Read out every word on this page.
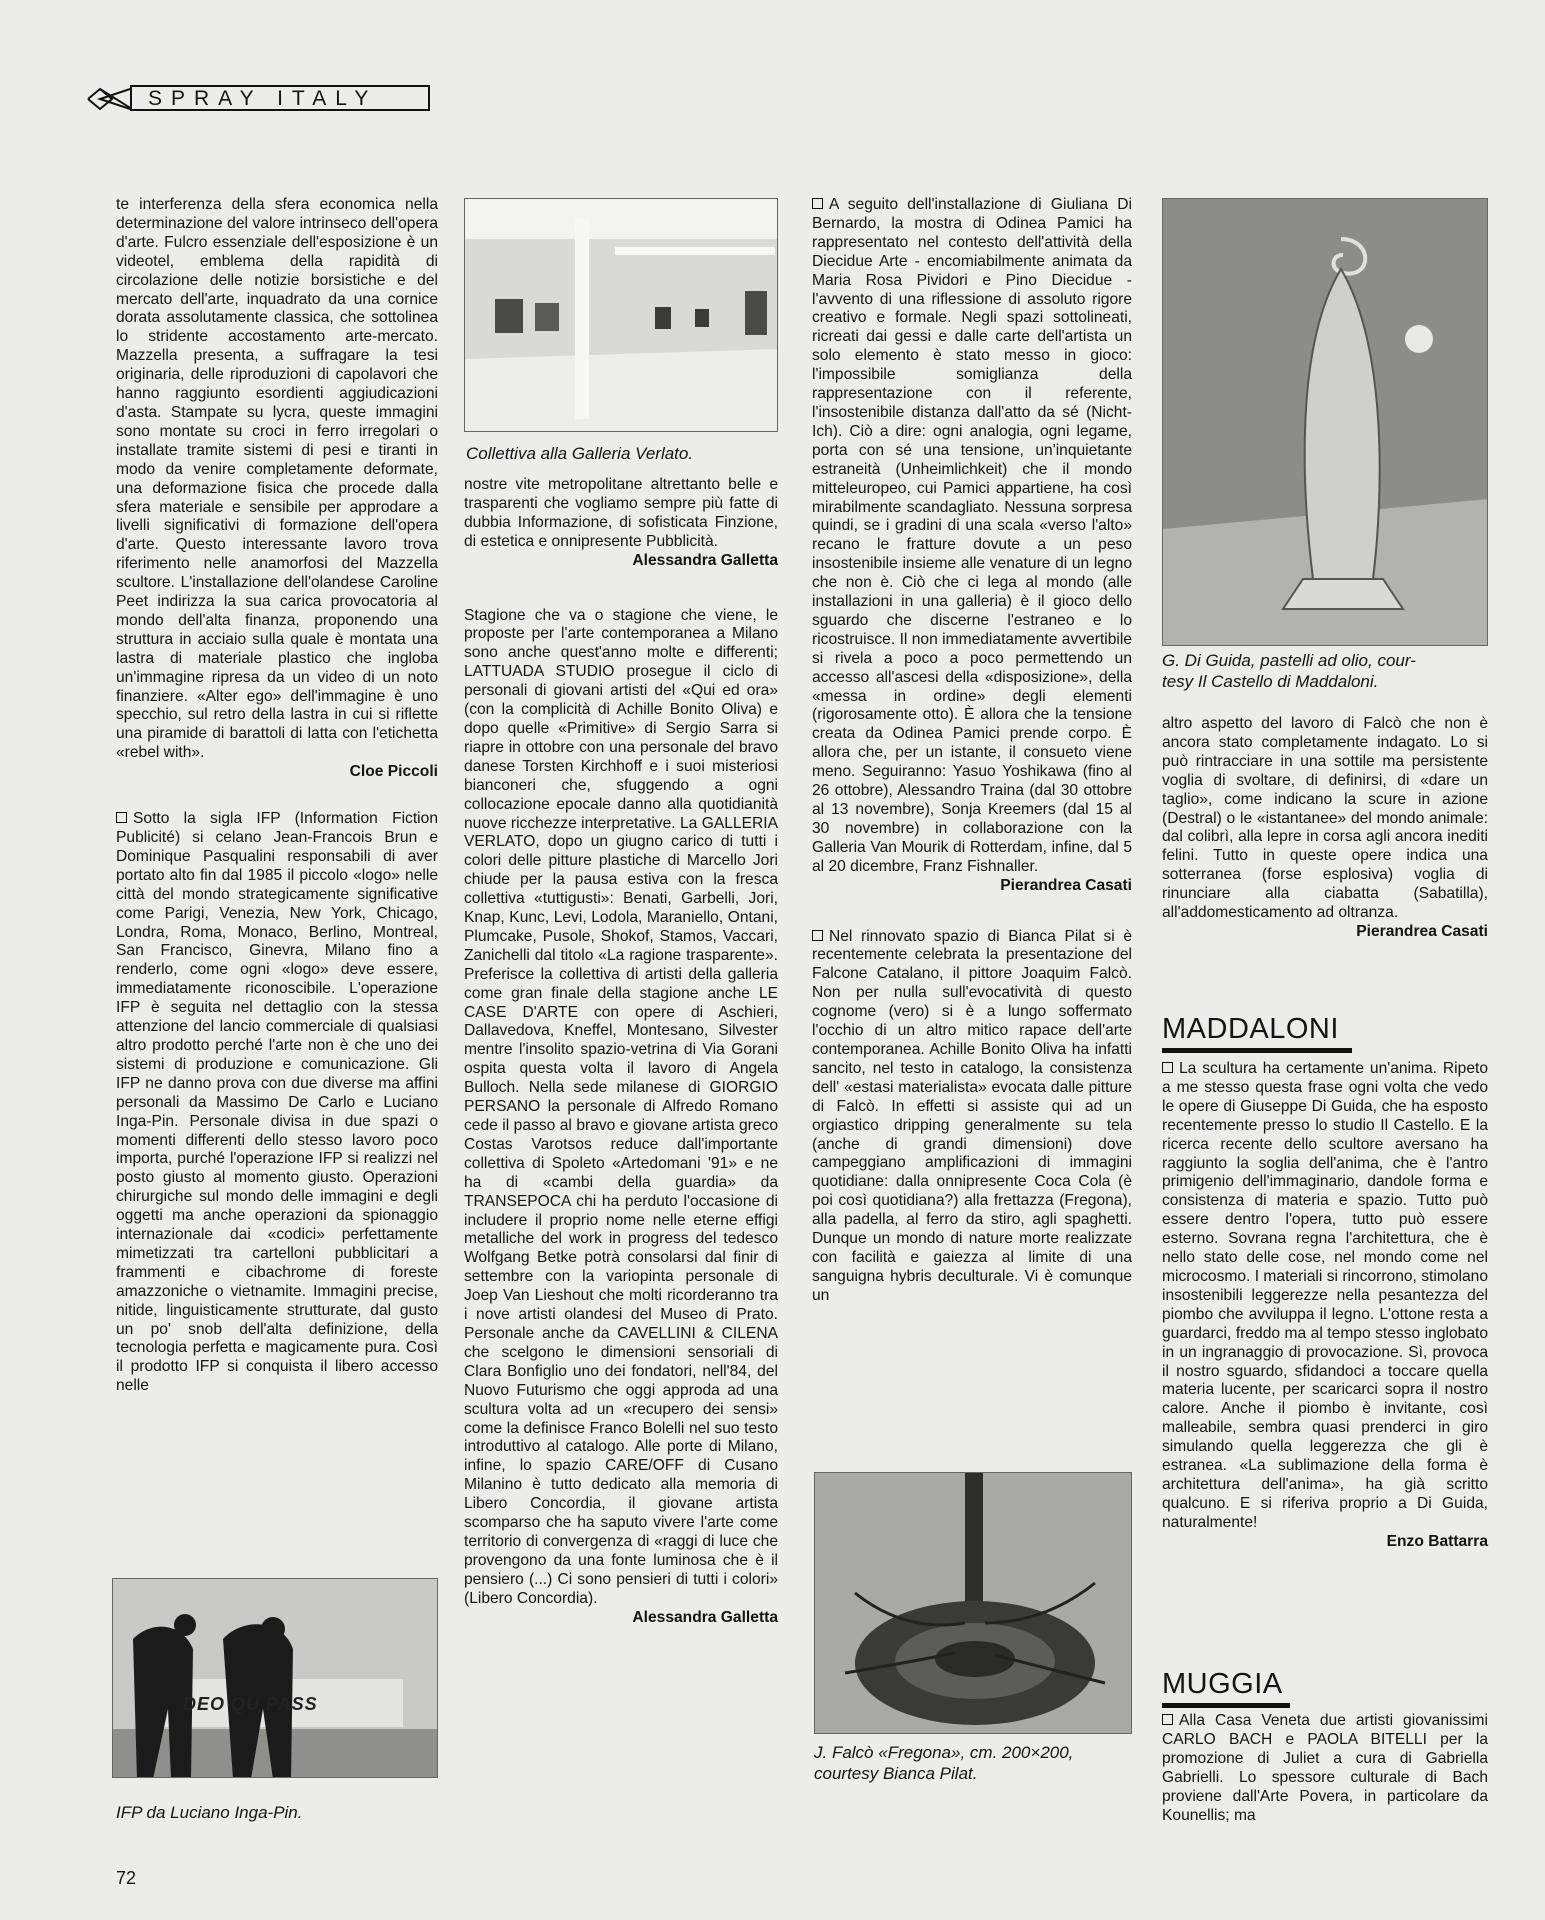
SPRAY ITALY

te interferenza della sfera economica nella determinazione del valore intrinseco dell'opera d'arte. Fulcro essenziale dell'esposizione è un videotel, emblema della rapidità di circolazione delle notizie borsistiche e del mercato dell'arte, inquadrato da una cornice dorata assolutamente classica, che sottolinea lo stridente accostamento arte-mercato. Mazzella presenta, a suffragare la tesi originaria, delle riproduzioni di capolavori che hanno raggiunto esordienti aggiudicazioni d'asta. Stampate su lycra, queste immagini sono montate su croci in ferro irregolari o installate tramite sistemi di pesi e tiranti in modo da venire completamente deformate, una deformazione fisica che procede dalla sfera materiale e sensibile per approdare a livelli significativi di formazione dell'opera d'arte. Questo interessante lavoro trova riferimento nelle anamorfosi del Mazzella scultore. L'installazione dell'olandese Caroline Peet indirizza la sua carica provocatoria al mondo dell'alta finanza, proponendo una struttura in acciaio sulla quale è montata una lastra di materiale plastico che ingloba un'immagine ripresa da un video di un noto finanziere. «Alter ego» dell'immagine è uno specchio, sul retro della lastra in cui si riflette una piramide di barattoli di latta con l'etichetta «rebel with».

Cloe Piccoli

Sotto la sigla IFP (Information Fiction Publicité) si celano Jean-Francois Brun e Dominique Pasqualini responsabili di aver portato alto fin dal 1985 il piccolo «logo» nelle città del mondo strategicamente significative come Parigi, Venezia, New York, Chicago, Londra, Roma, Monaco, Berlino, Montreal, San Francisco, Ginevra, Milano fino a renderlo, come ogni «logo» deve essere, immediatamente riconoscibile. L'operazione IFP è seguita nel dettaglio con la stessa attenzione del lancio commerciale di qualsiasi altro prodotto perché l'arte non è che uno dei sistemi di produzione e comunicazione. Gli IFP ne danno prova con due diverse ma affini personali da Massimo De Carlo e Luciano Inga-Pin. Personale divisa in due spazi o momenti differenti dello stesso lavoro poco importa, purché l'operazione IFP si realizzi nel posto giusto al momento giusto. Operazioni chirurgiche sul mondo delle immagini e degli oggetti ma anche operazioni da spionaggio internazionale dai «codici» perfettamente mimetizzati tra cartelloni pubblicitari a frammenti e cibachrome di foreste amazzoniche o vietnamite. Immagini precise, nitide, linguisticamente strutturate, dal gusto un po' snob dell'alta definizione, della tecnologia perfetta e magicamente pura. Così il prodotto IFP si conquista il libero accesso nelle

DEO QU PASS
IFP da Luciano Inga-Pin.
Collettiva alla Galleria Verlato.

nostre vite metropolitane altrettanto belle e trasparenti che vogliamo sempre più fatte di dubbia Informazione, di sofisticata Finzione, di estetica e onnipresente Pubblicità.

Alessandra Galletta

Stagione che va o stagione che viene, le proposte per l'arte contemporanea a Milano sono anche quest'anno molte e differenti; LATTUADA STUDIO prosegue il ciclo di personali di giovani artisti del «Qui ed ora» (con la complicità di Achille Bonito Oliva) e dopo quelle «Primitive» di Sergio Sarra si riapre in ottobre con una personale del bravo danese Torsten Kirchhoff e i suoi misteriosi bianconeri che, sfuggendo a ogni collocazione epocale danno alla quotidianità nuove ricchezze interpretative. La GALLERIA VERLATO, dopo un giugno carico di tutti i colori delle pitture plastiche di Marcello Jori chiude per la pausa estiva con la fresca collettiva «tuttigusti»: Benati, Garbelli, Jori, Knap, Kunc, Levi, Lodola, Maraniello, Ontani, Plumcake, Pusole, Shokof, Stamos, Vaccari, Zanichelli dal titolo «La ragione trasparente». Preferisce la collettiva di artisti della galleria come gran finale della stagione anche LE CASE D'ARTE con opere di Aschieri, Dallavedova, Kneffel, Montesano, Silvester mentre l'insolito spazio-vetrina di Via Gorani ospita questa volta il lavoro di Angela Bulloch. Nella sede milanese di GIORGIO PERSANO la personale di Alfredo Romano cede il passo al bravo e giovane artista greco Costas Varotsos reduce dall'importante collettiva di Spoleto «Artedomani '91» e ne ha di «cambi della guardia» da TRANSEPOCA chi ha perduto l'occasione di includere il proprio nome nelle eterne effigi metalliche del work in progress del tedesco Wolfgang Betke potrà consolarsi dal finir di settembre con la variopinta personale di Joep Van Lieshout che molti ricorderanno tra i nove artisti olandesi del Museo di Prato. Personale anche da CAVELLINI & CILENA che scelgono le dimensioni sensoriali di Clara Bonfiglio uno dei fondatori, nell'84, del Nuovo Futurismo che oggi approda ad una scultura volta ad un «recupero dei sensi» come la definisce Franco Bolelli nel suo testo introduttivo al catalogo. Alle porte di Milano, infine, lo spazio CARE/OFF di Cusano Milanino è tutto dedicato alla memoria di Libero Concordia, il giovane artista scomparso che ha saputo vivere l'arte come territorio di convergenza di «raggi di luce che provengono da una fonte luminosa che è il pensiero (...) Ci sono pensieri di tutti i colori» (Libero Concordia).

Alessandra Galletta

A seguito dell'installazione di Giuliana Di Bernardo, la mostra di Odinea Pamici ha rappresentato nel contesto dell'attività della Diecidue Arte - encomiabilmente animata da Maria Rosa Pividori e Pino Diecidue - l'avvento di una riflessione di assoluto rigore creativo e formale. Negli spazi sottolineati, ricreati dai gessi e dalle carte dell'artista un solo elemento è stato messo in gioco: l'impossibile somiglianza della rappresentazione con il referente, l'insostenibile distanza dall'atto da sé (Nicht-Ich). Ciò a dire: ogni analogia, ogni legame, porta con sé una tensione, un'inquietante estraneità (Unheimlichkeit) che il mondo mitteleuropeo, cui Pamici appartiene, ha così mirabilmente scandagliato. Nessuna sorpresa quindi, se i gradini di una scala «verso l'alto» recano le fratture dovute a un peso insostenibile insieme alle venature di un legno che non è. Ciò che ci lega al mondo (alle installazioni in una galleria) è il gioco dello sguardo che discerne l'estraneo e lo ricostruisce. Il non immediatamente avvertibile si rivela a poco a poco permettendo un accesso all'ascesi della «disposizione», della «messa in ordine» degli elementi (rigorosamente otto). È allora che la tensione creata da Odinea Pamici prende corpo. È allora che, per un istante, il consueto viene meno. Seguiranno: Yasuo Yoshikawa (fino al 26 ottobre), Alessandro Traina (dal 30 ottobre al 13 novembre), Sonja Kreemers (dal 15 al 30 novembre) in collaborazione con la Galleria Van Mourik di Rotterdam, infine, dal 5 al 20 dicembre, Franz Fishnaller.

Pierandrea Casati

Nel rinnovato spazio di Bianca Pilat si è recentemente celebrata la presentazione del Falcone Catalano, il pittore Joaquim Falcò. Non per nulla sull'evocatività di questo cognome (vero) si è a lungo soffermato l'occhio di un altro mitico rapace dell'arte contemporanea. Achille Bonito Oliva ha infatti sancito, nel testo in catalogo, la consistenza dell' «estasi materialista» evocata dalle pitture di Falcò. In effetti si assiste qui ad un orgiastico dripping generalmente su tela (anche di grandi dimensioni) dove campeggiano amplificazioni di immagini quotidiane: dalla onnipresente Coca Cola (è poi così quotidiana?) alla frettazza (Fregona), alla padella, al ferro da stiro, agli spaghetti. Dunque un mondo di nature morte realizzate con facilità e gaiezza al limite di una sanguigna hybris deculturale. Vi è comunque un

J. Falcò «Fregona», cm. 200×200,
courtesy Bianca Pilat.
G. Di Guida, pastelli ad olio, cour-
tesy Il Castello di Maddaloni.

altro aspetto del lavoro di Falcò che non è ancora stato completamente indagato. Lo si può rintracciare in una sottile ma persistente voglia di svoltare, di definirsi, di «dare un taglio», come indicano la scure in azione (Destral) o le «istantanee» del mondo animale: dal colibrì, alla lepre in corsa agli ancora inediti felini. Tutto in queste opere indica una sotterranea (forse esplosiva) voglia di rinunciare alla ciabatta (Sabatilla), all'addomesticamento ad oltranza.

Pierandrea Casati

MADDALONI

La scultura ha certamente un'anima. Ripeto a me stesso questa frase ogni volta che vedo le opere di Giuseppe Di Guida, che ha esposto recentemente presso lo studio Il Castello. E la ricerca recente dello scultore aversano ha raggiunto la soglia dell'anima, che è l'antro primigenio dell'immaginario, dandole forma e consistenza di materia e spazio. Tutto può essere dentro l'opera, tutto può essere esterno. Sovrana regna l'architettura, che è nello stato delle cose, nel mondo come nel microcosmo. I materiali si rincorrono, stimolano insostenibili leggerezze nella pesantezza del piombo che avviluppa il legno. L'ottone resta a guardarci, freddo ma al tempo stesso inglobato in un ingranaggio di provocazione. Sì, provoca il nostro sguardo, sfidandoci a toccare quella materia lucente, per scaricarci sopra il nostro calore. Anche il piombo è invitante, così malleabile, sembra quasi prenderci in giro simulando quella leggerezza che gli è estranea. «La sublimazione della forma è architettura dell'anima», ha già scritto qualcuno. E si riferiva proprio a Di Guida, naturalmente!

Enzo Battarra

MUGGIA

Alla Casa Veneta due artisti giovanissimi CARLO BACH e PAOLA BITELLI per la promozione di Juliet a cura di Gabriella Gabrielli. Lo spessore culturale di Bach proviene dall'Arte Povera, in particolare da Kounellis; ma

72
